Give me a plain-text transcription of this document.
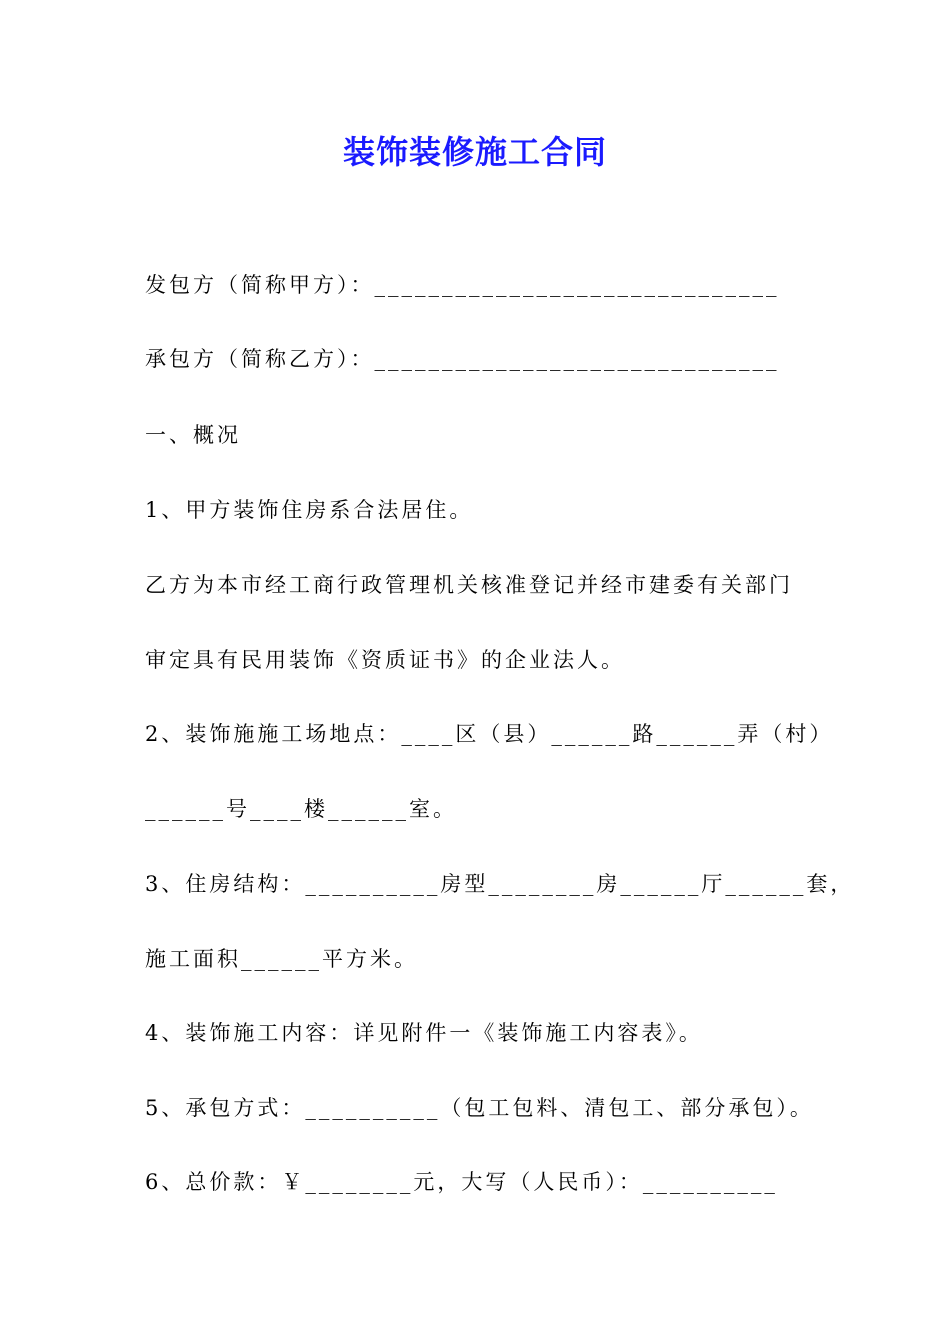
装饰装修施工合同
发包方（简称甲方）：______________________________
承包方（简称乙方）：______________________________
一、概况
1、甲方装饰住房系合法居住。
乙方为本市经工商行政管理机关核准登记并经市建委有关部门
审定具有民用装饰《资质证书》的企业法人。
2、装饰施施工场地点：____区（县）______路______弄（村）
______号____楼______室。
3、住房结构：__________房型________房______厅______套，
施工面积______平方米。
4、装饰施工内容：详见附件一《装饰施工内容表》。
5、承包方式：__________（包工包料、清包工、部分承包）。
6、总价款：￥________元，大写（人民币）：__________
